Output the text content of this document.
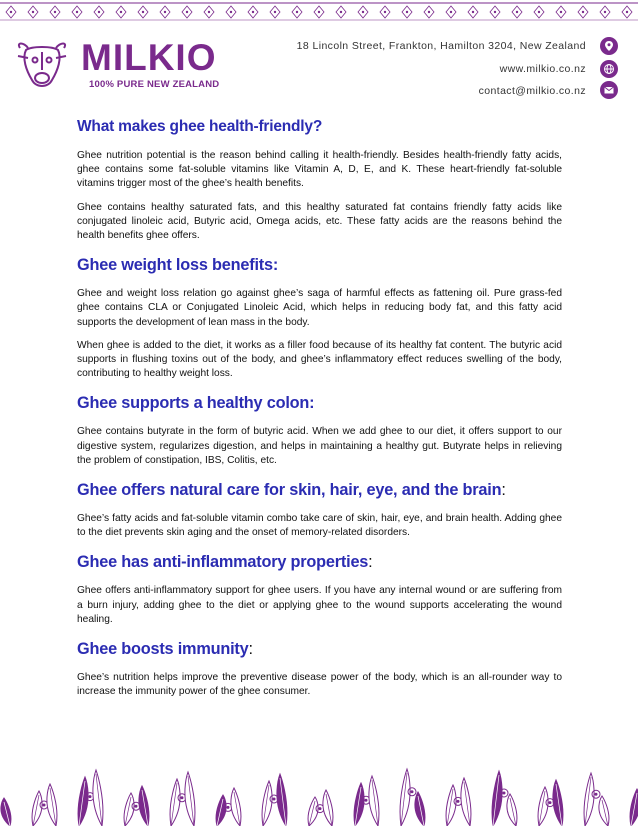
MILKIO
100% PURE NEW ZEALAND
18 Lincoln Street, Frankton, Hamilton 3204, New Zealand
www.milkio.co.nz
contact@milkio.co.nz
What makes ghee health-friendly?

Ghee nutrition potential is the reason behind calling it health-friendly. Besides health-friendly fatty acids, ghee contains some fat-soluble vitamins like Vitamin A, D, E, and K. These heart-friendly fat-soluble vitamins trigger most of the ghee’s health benefits.

Ghee contains healthy saturated fats, and this healthy saturated fat contains friendly fatty acids like conjugated linoleic acid, Butyric acid, Omega acids, etc. These fatty acids are the reasons behind the health benefits ghee offers.

Ghee weight loss benefits:

Ghee and weight loss relation go against ghee’s saga of harmful effects as fattening oil. Pure grass-fed ghee contains CLA or Conjugated Linoleic Acid, which helps in reducing body fat, and this fatty acid supports the development of lean mass in the body.

When ghee is added to the diet, it works as a filler food because of its healthy fat content. The butyric acid supports in flushing toxins out of the body, and ghee’s inflammatory effect reduces swelling of the body, contributing to healthy weight loss.

Ghee supports a healthy colon:

Ghee contains butyrate in the form of butyric acid. When we add ghee to our diet, it offers support to our digestive system, regularizes digestion, and helps in maintaining a healthy gut. Butyrate helps in relieving the problem of constipation, IBS, Colitis, etc.

Ghee offers natural care for skin, hair, eye, and the brain:

Ghee’s fatty acids and fat-soluble vitamin combo take care of skin, hair, eye, and brain health. Adding ghee to the diet prevents skin aging and the onset of memory-related disorders.

Ghee has anti-inflammatory properties:

Ghee offers anti-inflammatory support for ghee users. If you have any internal wound or are suffering from a burn injury, adding ghee to the diet or applying ghee to the wound supports accelerating the wound healing.

Ghee boosts immunity:

Ghee’s nutrition helps improve the preventive disease power of the body, which is an all-rounder way to increase the immunity power of the ghee consumer.
